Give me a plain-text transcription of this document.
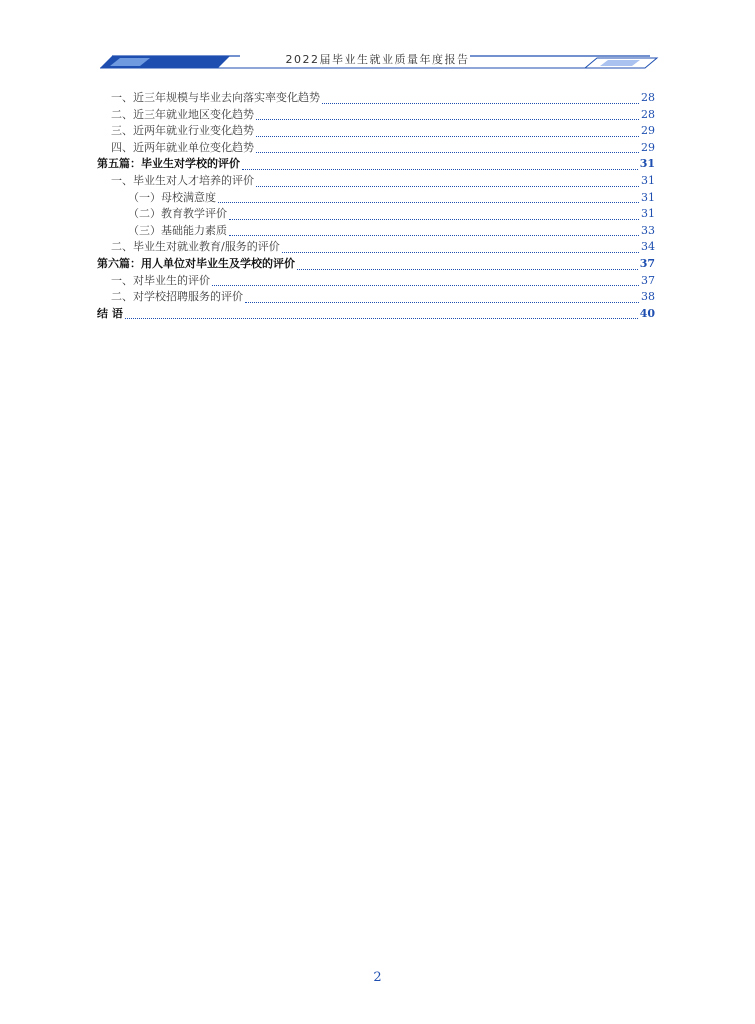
2022届毕业生就业质量年度报告
一、近三年规模与毕业去向落实率变化趋势	28
二、近三年就业地区变化趋势	28
三、近两年就业行业变化趋势	29
四、近两年就业单位变化趋势	29
第五篇：毕业生对学校的评价	31
一、毕业生对人才培养的评价	31
（一）母校满意度	31
（二）教育教学评价	31
（三）基础能力素质	33
二、毕业生对就业教育/服务的评价	34
第六篇：用人单位对毕业生及学校的评价	37
一、对毕业生的评价	37
二、对学校招聘服务的评价	38
结 语	40
2
